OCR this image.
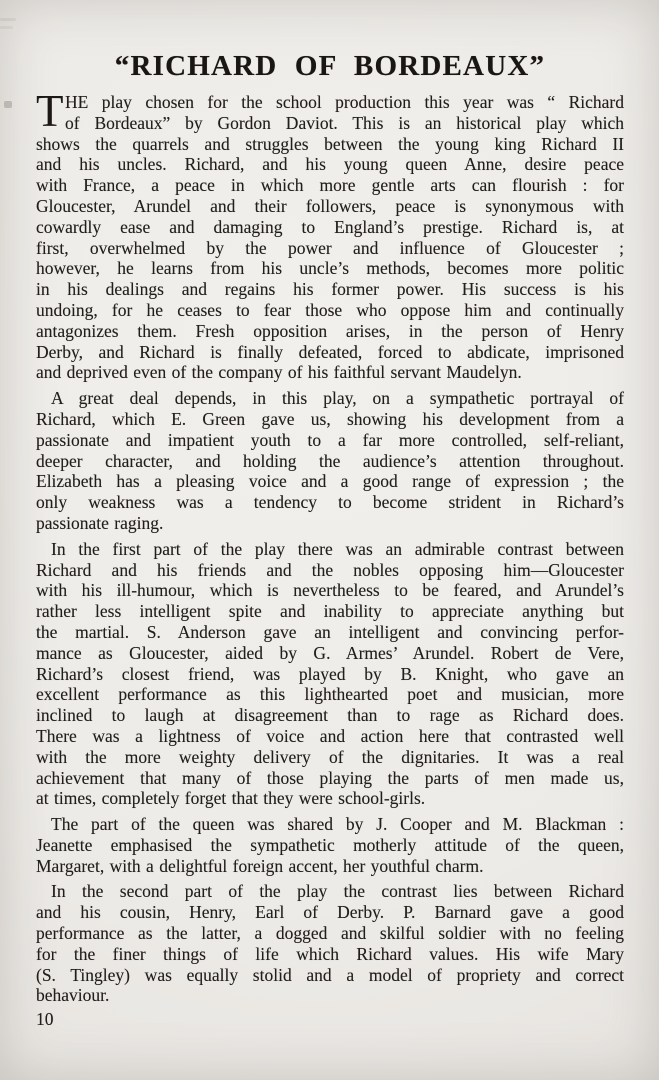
“RICHARD OF BORDEAUX”
T HE play chosen for the school production this year was “ Richard
of Bordeaux” by Gordon Daviot. This is an historical play which
shows the quarrels and struggles between the young king Richard II
and his uncles. Richard, and his young queen Anne, desire peace
with France, a peace in which more gentle arts can flourish : for
Gloucester, Arundel and their followers, peace is synonymous with
cowardly ease and damaging to England’s prestige. Richard is, at
first, overwhelmed by the power and influence of Gloucester ;
however, he learns from his uncle’s methods, becomes more politic
in his dealings and regains his former power. His success is his
undoing, for he ceases to fear those who oppose him and continually
antagonizes them. Fresh opposition arises, in the person of Henry
Derby, and Richard is finally defeated, forced to abdicate, imprisoned
and deprived even of the company of his faithful servant Maudelyn.
A great deal depends, in this play, on a sympathetic portrayal of
Richard, which E. Green gave us, showing his development from a
passionate and impatient youth to a far more controlled, self-reliant,
deeper character, and holding the audience’s attention throughout.
Elizabeth has a pleasing voice and a good range of expression ; the
only weakness was a tendency to become strident in Richard’s
passionate raging.
In the first part of the play there was an admirable contrast between
Richard and his friends and the nobles opposing him—Gloucester
with his ill-humour, which is nevertheless to be feared, and Arundel’s
rather less intelligent spite and inability to appreciate anything but
the martial. S. Anderson gave an intelligent and convincing perfor-
mance as Gloucester, aided by G. Armes’ Arundel. Robert de Vere,
Richard’s closest friend, was played by B. Knight, who gave an
excellent performance as this lighthearted poet and musician, more
inclined to laugh at disagreement than to rage as Richard does.
There was a lightness of voice and action here that contrasted well
with the more weighty delivery of the dignitaries. It was a real
achievement that many of those playing the parts of men made us,
at times, completely forget that they were school-girls.
The part of the queen was shared by J. Cooper and M. Blackman :
Jeanette emphasised the sympathetic motherly attitude of the queen,
Margaret, with a delightful foreign accent, her youthful charm.
In the second part of the play the contrast lies between Richard
and his cousin, Henry, Earl of Derby. P. Barnard gave a good
performance as the latter, a dogged and skilful soldier with no feeling
for the finer things of life which Richard values. His wife Mary
(S. Tingley) was equally stolid and a model of propriety and correct
behaviour.
10
